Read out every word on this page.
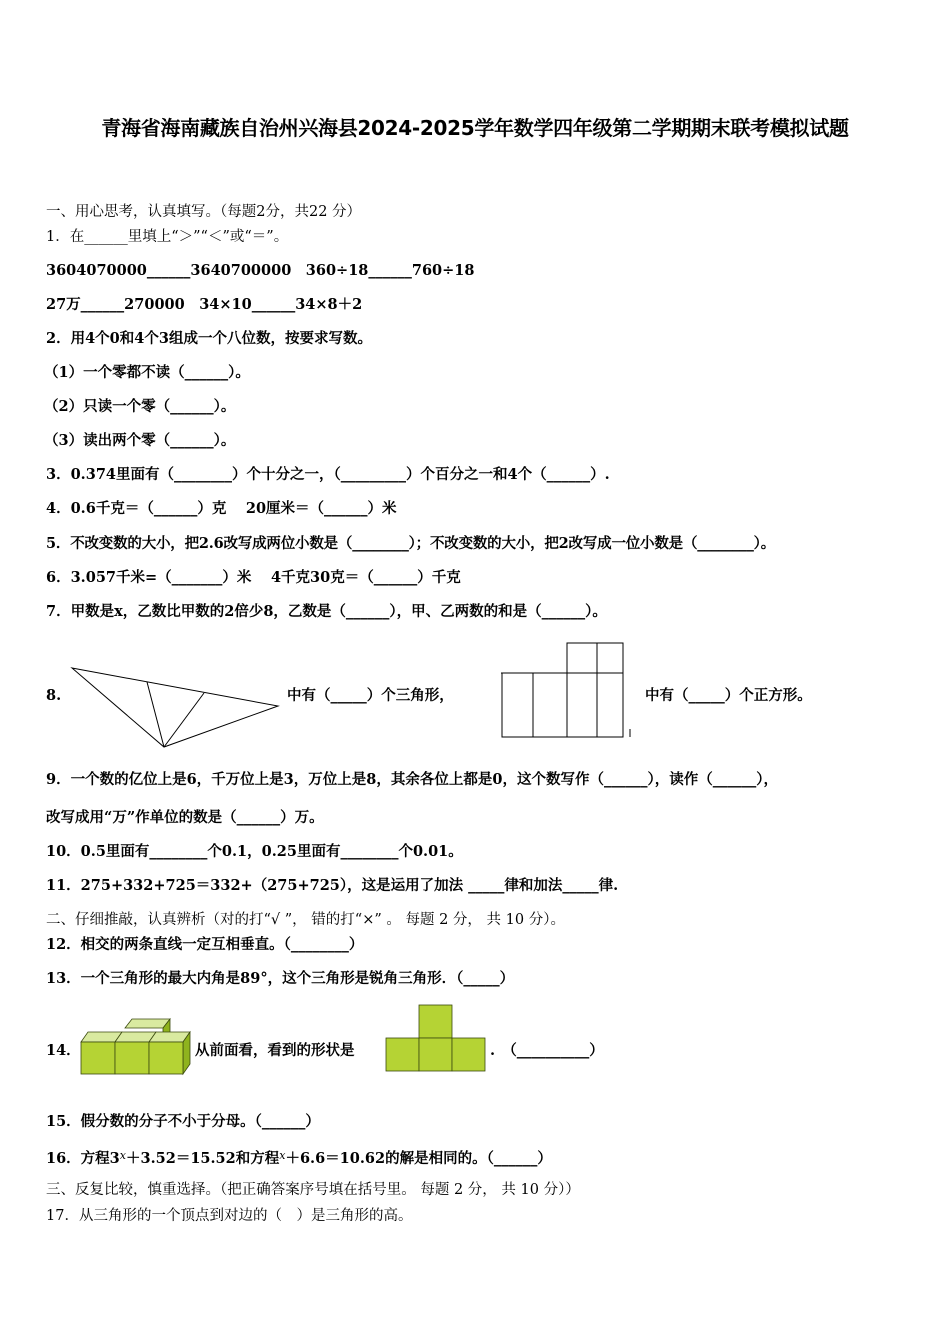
青海省海南藏族自治州兴海县2024-2025学年数学四年级第二学期期末联考模拟试题
一、用心思考，认真填写。（每题2分，共22 分）
1．在______里填上“＞”“＜”或“＝”。
3604070000______3640700000　360÷18______760÷18
27万______270000　34×10______34×8＋2
2．用4个0和4个3组成一个八位数，按要求写数。
（1）一个零都不读（______）。
（2）只读一个零（______）。
（3）读出两个零（______）。
3．0.374里面有（________）个十分之一，（_________）个百分之一和4个（______）.
4．0.6千克＝（______）克　 20厘米＝（______）米
5．不改变数的大小，把2.6改写成两位小数是（________）；不改变数的大小，把2改写成一位小数是（________）。
6．3.057千米=（_______）米　 4千克30克＝（______）千克
7．甲数是x，乙数比甲数的2倍少8，乙数是（______），甲、乙两数的和是（______）。
8.	中有（_____）个三角形，	中有（_____）个正方形。
9．一个数的亿位上是6，千万位上是3，万位上是8，其余各位上都是0，这个数写作（______），读作（______），
改写成用“万”作单位的数是（______）万。
10．0.5里面有________个0.1，0.25里面有________个0.01。
11．275+332+725＝332+（275+725），这是运用了加法 _____律和加法_____律.
二、仔细推敲，认真辨析（对的打“√ ”， 错的打“×” 。 每题 2 分， 共 10 分）。
12．相交的两条直线一定互相垂直。（________）
13．一个三角形的最大内角是89°，这个三角形是锐角三角形．（_____）
14．	从前面看，看到的形状是	.　（__________）
15．假分数的分子不小于分母。（______）
16．方程$3^x+3.52=15.52$和方程$^x$＋6.6＝10.62的解是相同的。（______）
三、反复比较，慎重选择。（把正确答案序号填在括号里。 每题 2 分， 共 10 分））
17．从三角形的一个顶点到对边的（　）是三角形的高。
